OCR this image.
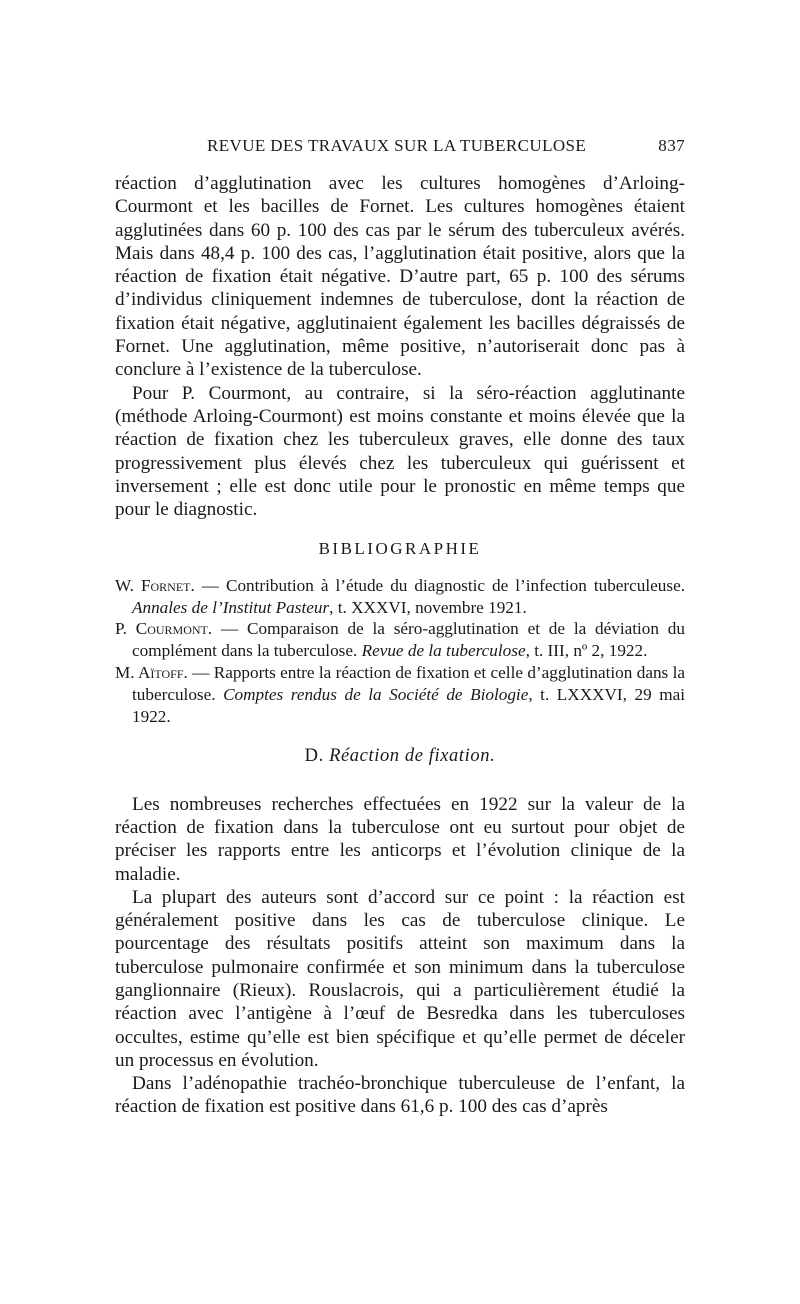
REVUE DES TRAVAUX SUR LA TUBERCULOSE	837

réaction d’agglutination avec les cultures homogènes d’Arloing-Courmont et les bacilles de Fornet. Les cultures homogènes étaient agglutinées dans 60 p. 100 des cas par le sérum des tuberculeux avérés. Mais dans 48,4 p. 100 des cas, l’agglutination était positive, alors que la réaction de fixation était négative. D’autre part, 65 p. 100 des sérums d’individus cliniquement indemnes de tuberculose, dont la réaction de fixation était négative, agglutinaient également les bacilles dégraissés de Fornet. Une agglutination, même positive, n’autoriserait donc pas à conclure à l’existence de la tuberculose.

Pour P. Courmont, au contraire, si la séro-réaction agglutinante (méthode Arloing-Courmont) est moins constante et moins élevée que la réaction de fixation chez les tuberculeux graves, elle donne des taux progressivement plus élevés chez les tuberculeux qui guérissent et inversement ; elle est donc utile pour le pronostic en même temps que pour le diagnostic.

BIBLIOGRAPHIE
W. Fornet. — Contribution à l’étude du diagnostic de l’infection tuberculeuse. Annales de l’Institut Pasteur, t. XXXVI, novembre 1921.
P. Courmont. — Comparaison de la séro-agglutination et de la déviation du complément dans la tuberculose. Revue de la tuberculose, t. III, nº 2, 1922.
M. Aïtoff. — Rapports entre la réaction de fixation et celle d’agglutination dans la tuberculose. Comptes rendus de la Société de Biologie, t. LXXXVI, 29 mai 1922.
D. Réaction de fixation.

Les nombreuses recherches effectuées en 1922 sur la valeur de la réaction de fixation dans la tuberculose ont eu surtout pour objet de préciser les rapports entre les anticorps et l’évolution clinique de la maladie.

La plupart des auteurs sont d’accord sur ce point : la réaction est généralement positive dans les cas de tuberculose clinique. Le pourcentage des résultats positifs atteint son maximum dans la tuberculose pulmonaire confirmée et son minimum dans la tuberculose ganglionnaire (Rieux). Rouslacrois, qui a particulièrement étudié la réaction avec l’antigène à l’œuf de Besredka dans les tuberculoses occultes, estime qu’elle est bien spécifique et qu’elle permet de déceler un processus en évolution.

Dans l’adénopathie trachéo-bronchique tuberculeuse de l’enfant, la réaction de fixation est positive dans 61,6 p. 100 des cas d’après
